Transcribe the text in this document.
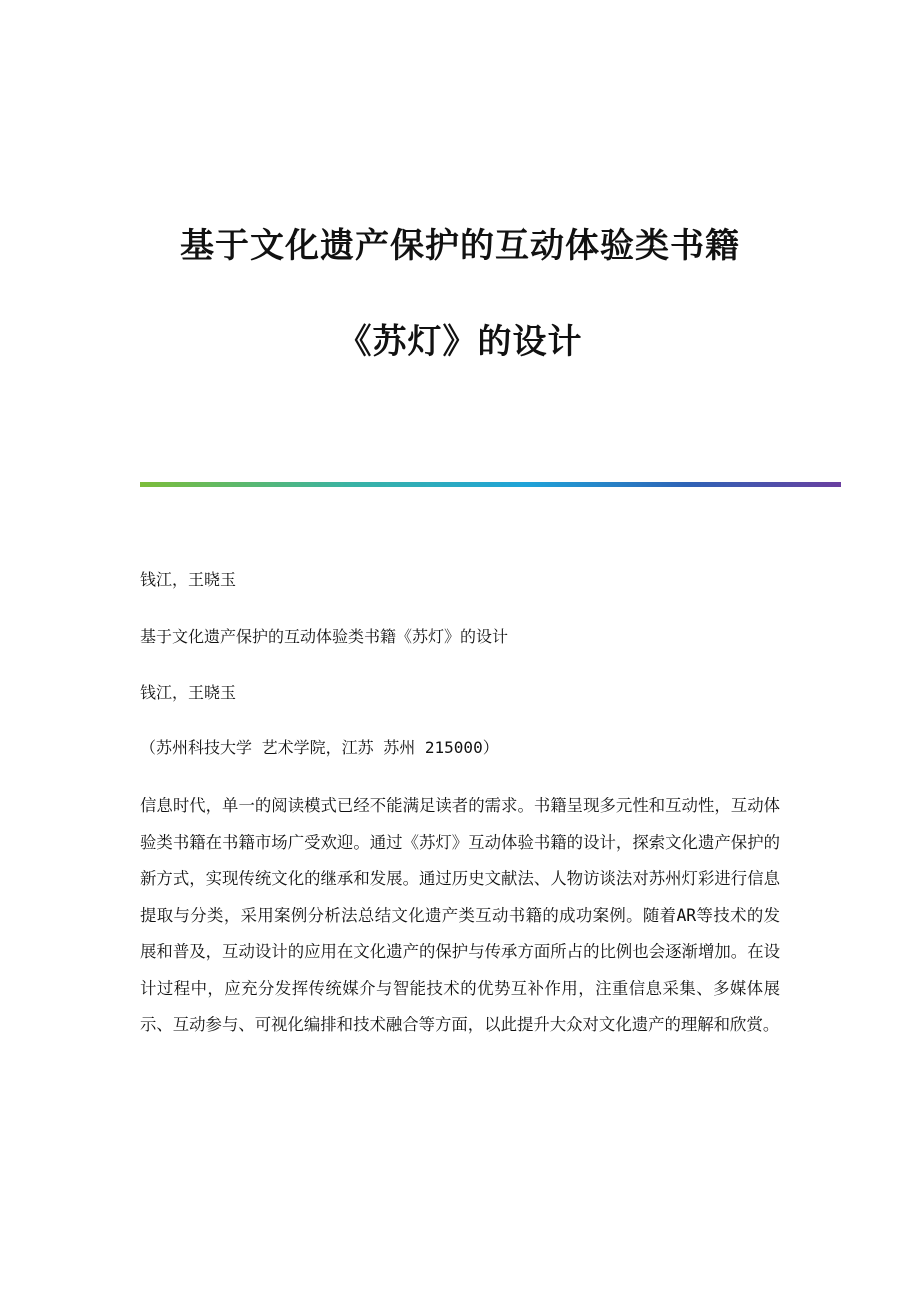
基于文化遗产保护的互动体验类书籍
《苏灯》的设计
钱江，王晓玉
基于文化遗产保护的互动体验类书籍《苏灯》的设计
钱江，王晓玉
（苏州科技大学 艺术学院，江苏 苏州 215000）

信息时代，单一的阅读模式已经不能满足读者的需求。书籍呈现多元性和互动性，互动体验类书籍在书籍市场广受欢迎。通过《苏灯》互动体验书籍的设计，探索文化遗产保护的新方式，实现传统文化的继承和发展。通过历史文献法、人物访谈法对苏州灯彩进行信息提取与分类，采用案例分析法总结文化遗产类互动书籍的成功案例。随着AR等技术的发展和普及，互动设计的应用在文化遗产的保护与传承方面所占的比例也会逐渐增加。在设计过程中，应充分发挥传统媒介与智能技术的优势互补作用，注重信息采集、多媒体展示、互动参与、可视化编排和技术融合等方面，以此提升大众对文化遗产的理解和欣赏。
